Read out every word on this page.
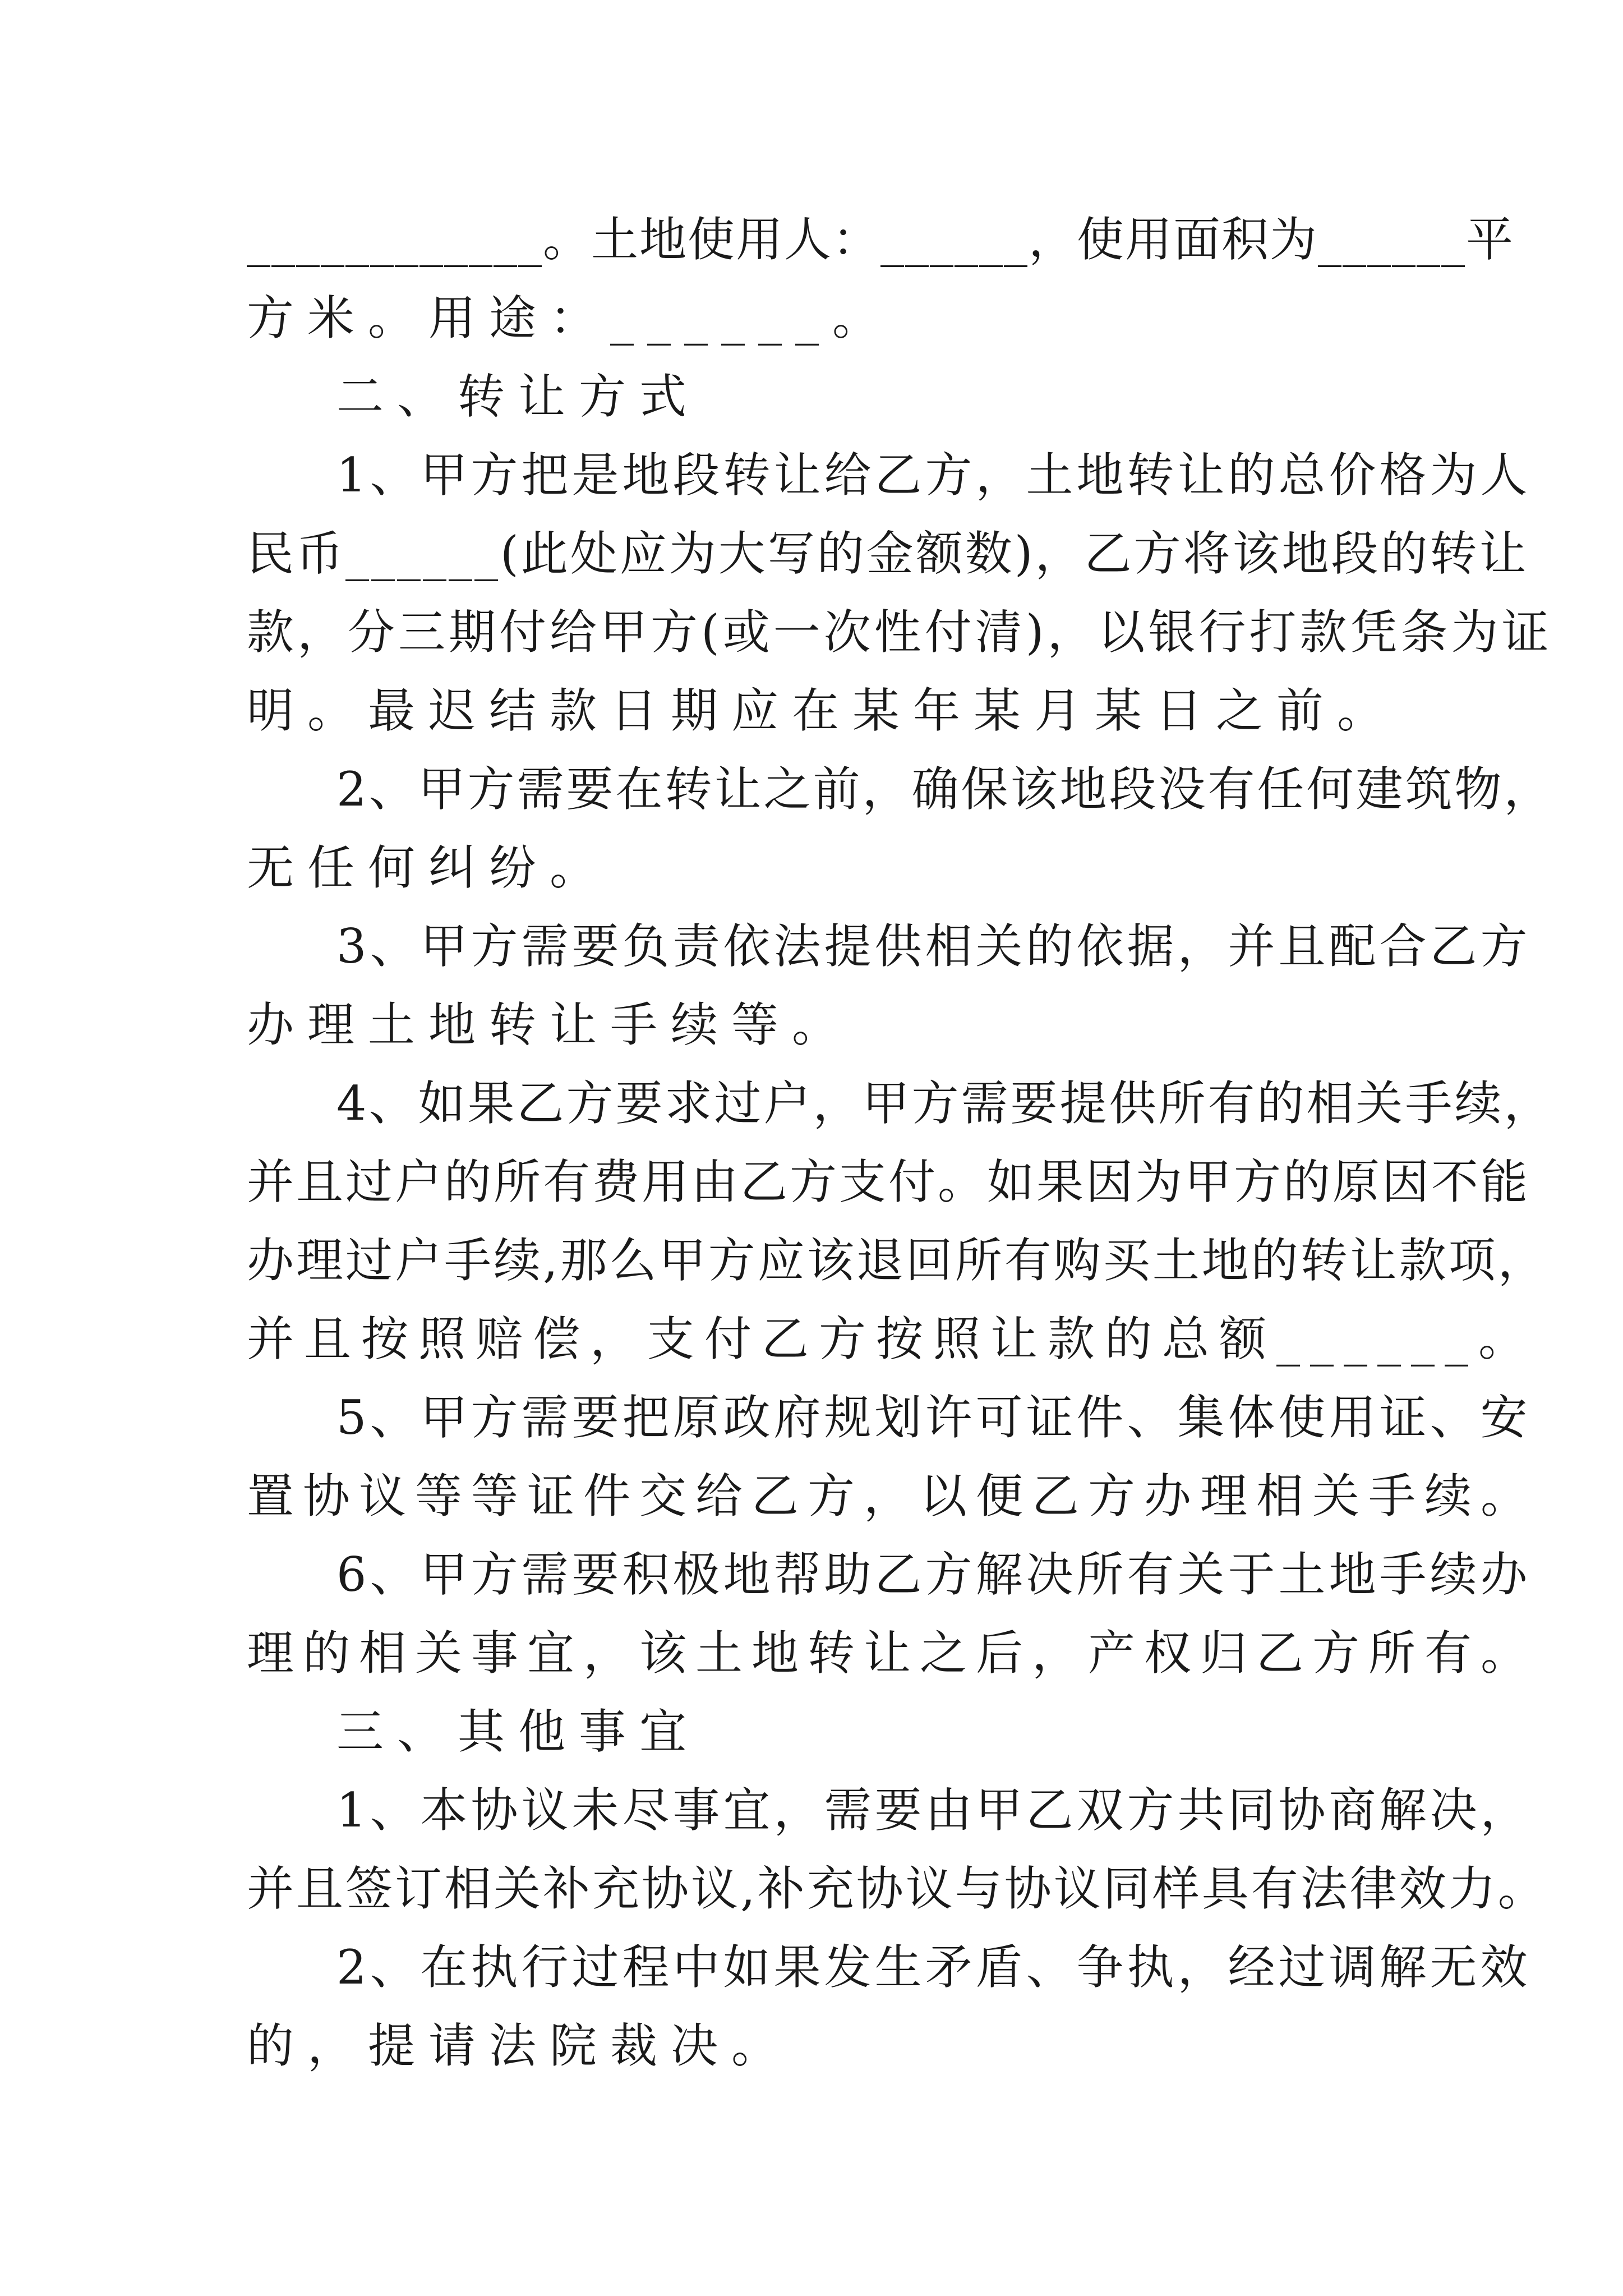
____________。土地使用人：______，使用面积为______平
方米。用途：______。
二、转让方式
1、甲方把是地段转让给乙方，土地转让的总价格为人
民币______(此处应为大写的金额数)，乙方将该地段的转让
款，分三期付给甲方(或一次性付清)，以银行打款凭条为证
明。最迟结款日期应在某年某月某日之前。
2、甲方需要在转让之前，确保该地段没有任何建筑物，
无任何纠纷。
3、甲方需要负责依法提供相关的依据，并且配合乙方
办理土地转让手续等。
4、如果乙方要求过户，甲方需要提供所有的相关手续，
并且过户的所有费用由乙方支付。如果因为甲方的原因不能
办理过户手续,那么甲方应该退回所有购买土地的转让款项，
并且按照赔偿，支付乙方按照让款的总额______。
5、甲方需要把原政府规划许可证件、集体使用证、安
置协议等等证件交给乙方，以便乙方办理相关手续。
6、甲方需要积极地帮助乙方解决所有关于土地手续办
理的相关事宜，该土地转让之后，产权归乙方所有。
三、其他事宜
1、本协议未尽事宜，需要由甲乙双方共同协商解决，
并且签订相关补充协议,补充协议与协议同样具有法律效力。
2、在执行过程中如果发生矛盾、争执，经过调解无效
的，提请法院裁决。
